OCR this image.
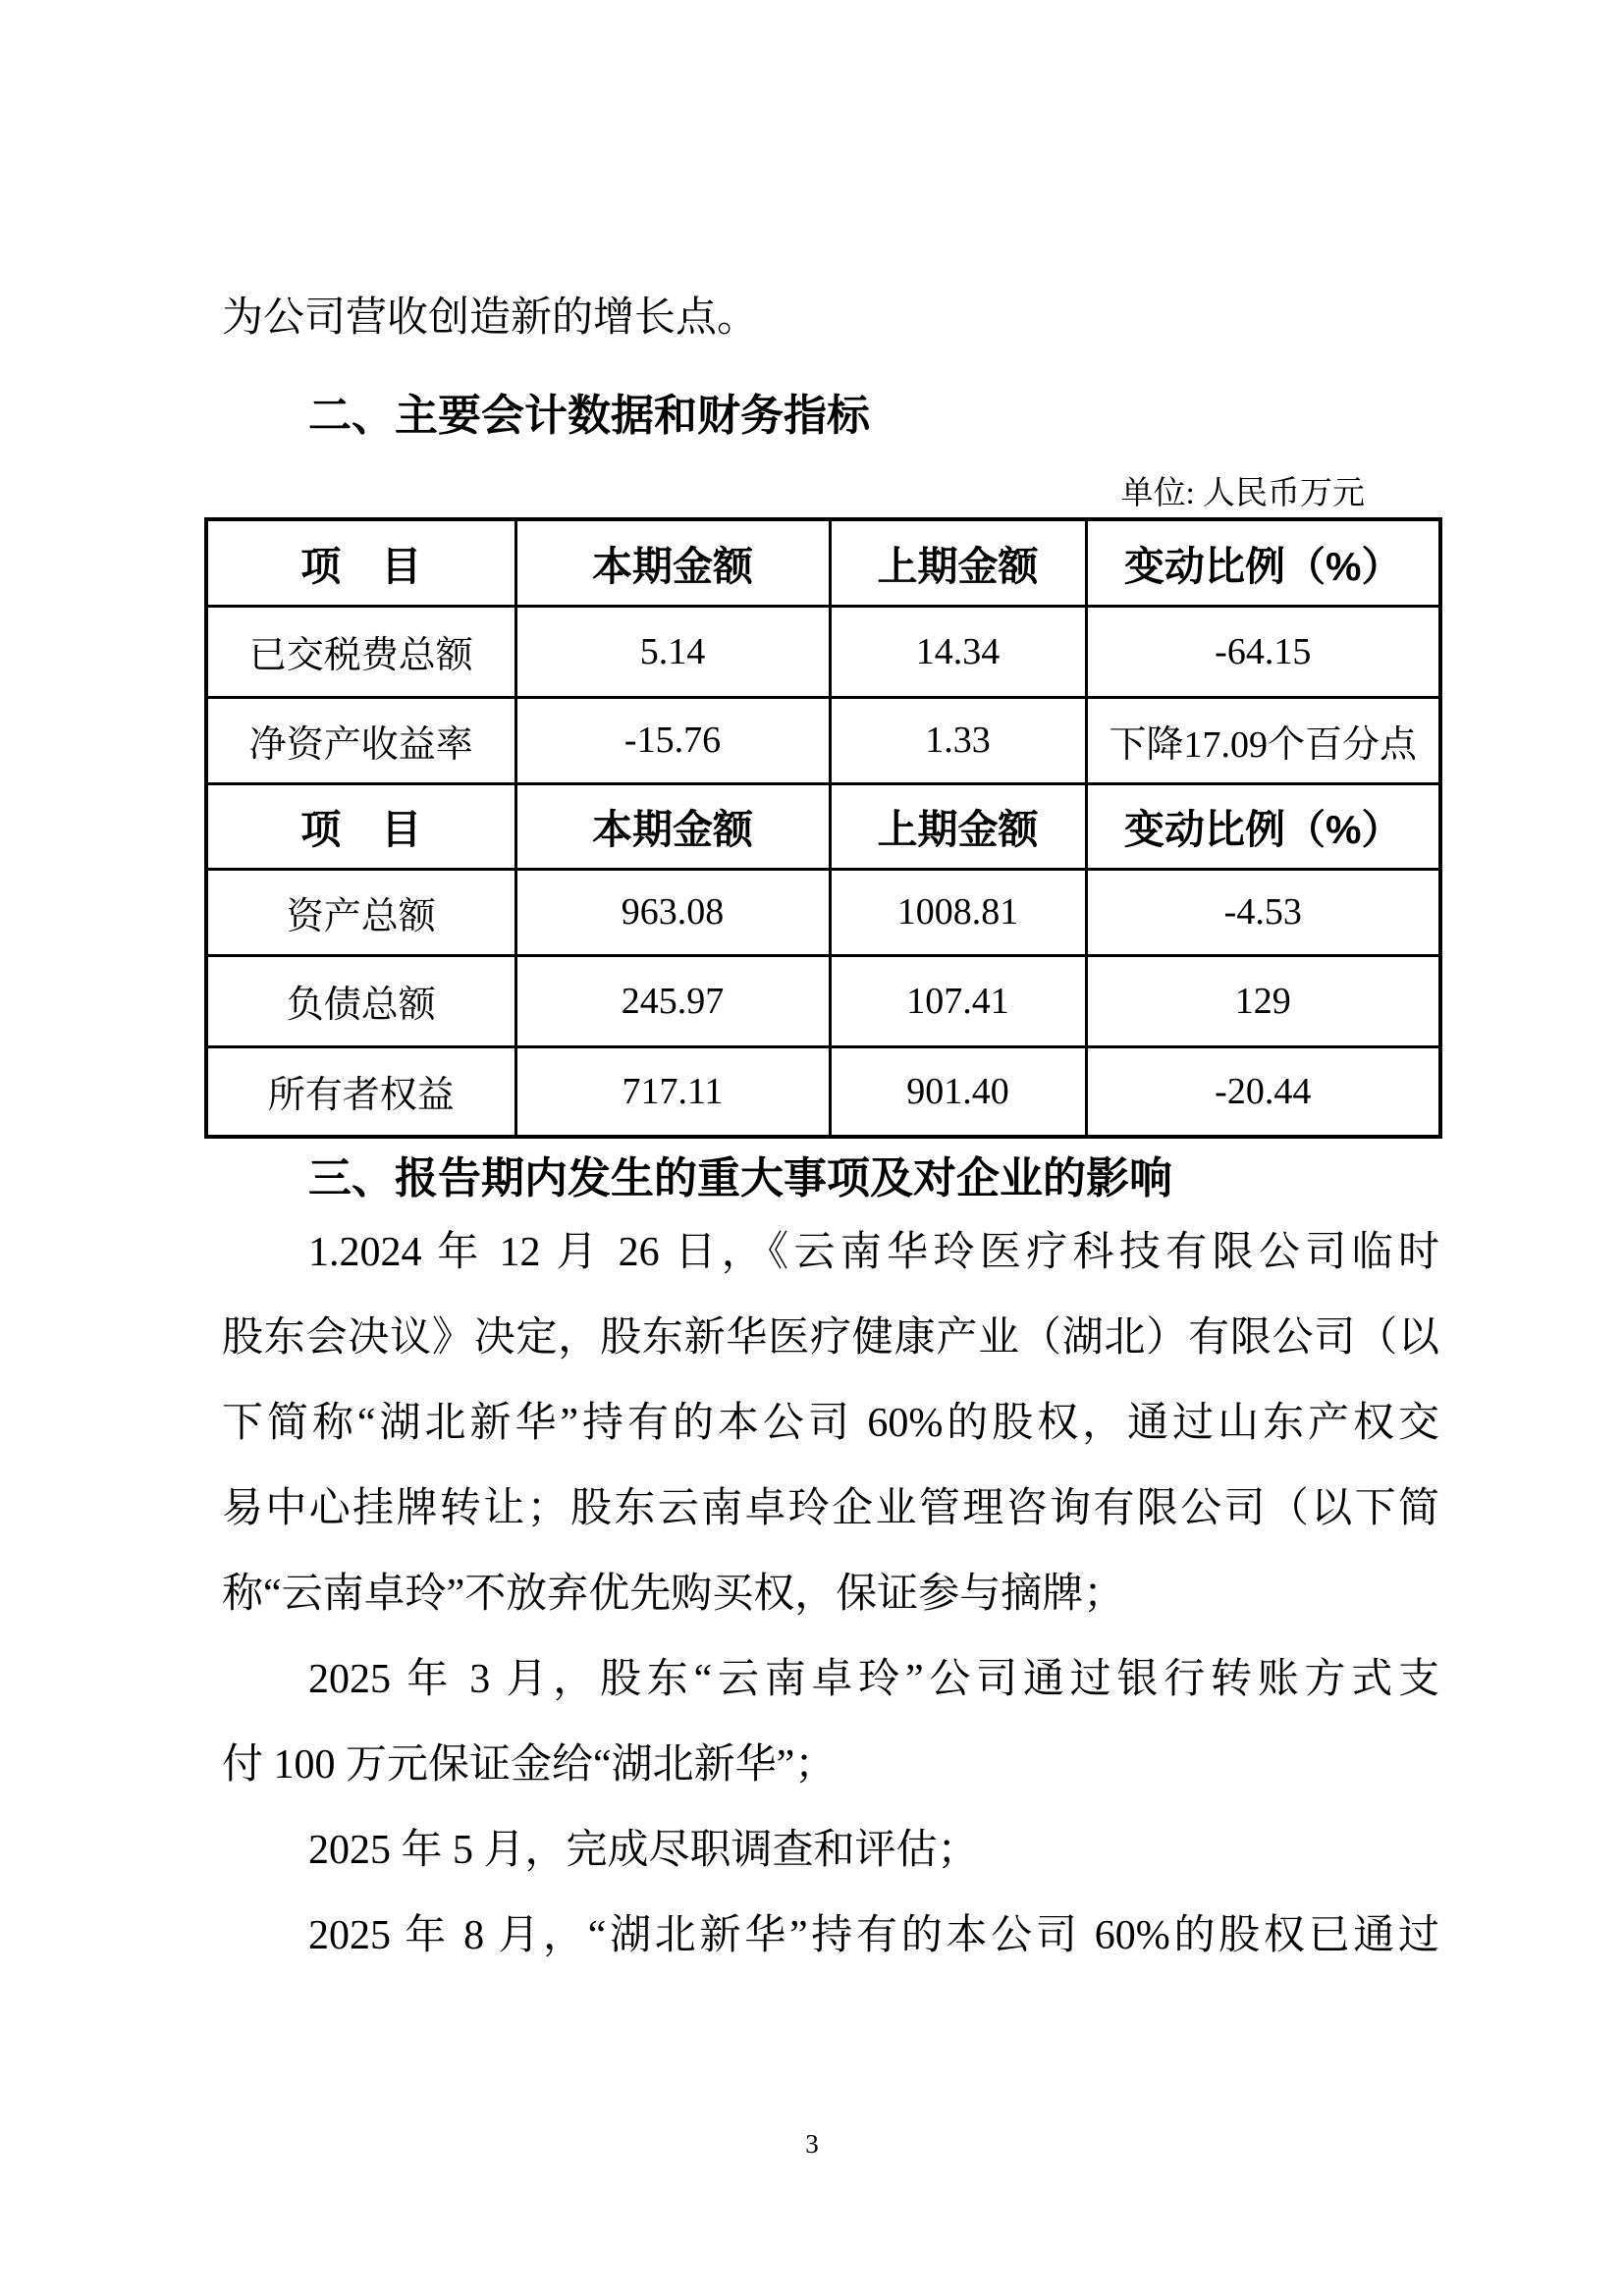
为公司营收创造新的增长点。
二、主要会计数据和财务指标
单位: 人民币万元
项　目	本期金额	上期金额	变动比例（%）
已交税费总额	5.14	14.34	-64.15
净资产收益率	-15.76	1.33	下降17.09个百分点
项　目	本期金额	上期金额	变动比例（%）
资产总额	963.08	1008.81	-4.53
负债总额	245.97	107.41	129
所有者权益	717.11	901.40	-20.44
三、报告期内发生的重大事项及对企业的影响
1.2024 年 12 月 26 日，《云南华玲医疗科技有限公司临时
股东会决议》决定，股东新华医疗健康产业（湖北）有限公司（以
下简称“湖北新华”持有的本公司 60%的股权，通过山东产权交
易中心挂牌转让；股东云南卓玲企业管理咨询有限公司（以下简
称“云南卓玲”不放弃优先购买权，保证参与摘牌；
2025 年 3 月，股东“云南卓玲”公司通过银行转账方式支
付 100 万元保证金给“湖北新华”；
2025 年 5 月，完成尽职调查和评估；
2025 年 8 月，“湖北新华”持有的本公司 60%的股权已通过
3
